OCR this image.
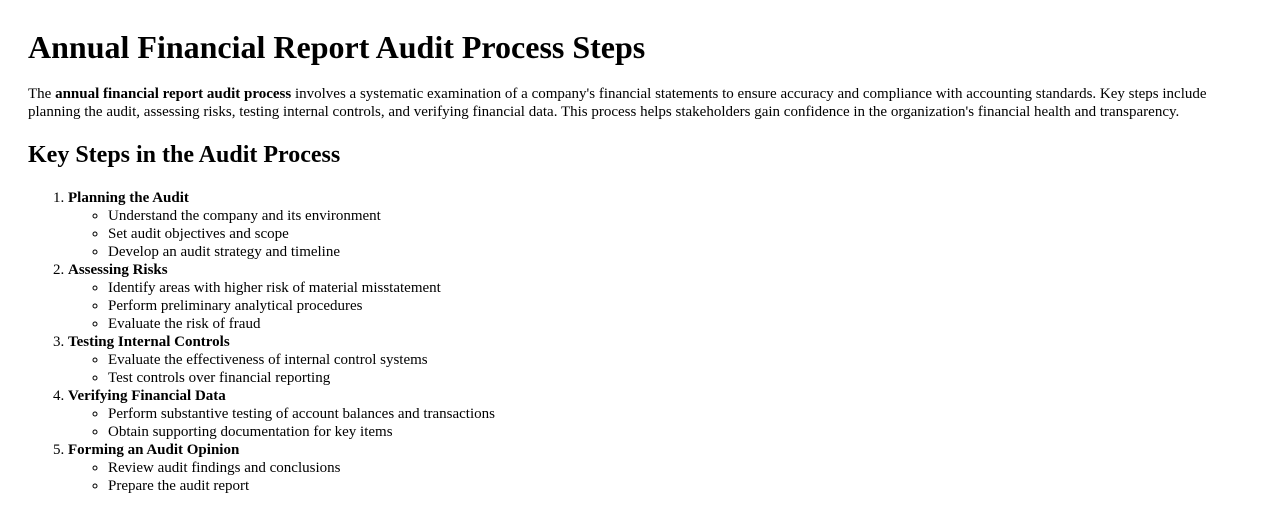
Annual Financial Report Audit Process Steps

The annual financial report audit process involves a systematic examination of a company's financial statements to ensure accuracy and compliance with accounting standards. Key steps include planning the audit, assessing risks, testing internal controls, and verifying financial data. This process helps stakeholders gain confidence in the organization's financial health and transparency.

Key Steps in the Audit Process
1. Planning the Audit
◦ Understand the company and its environment
◦ Set audit objectives and scope
◦ Develop an audit strategy and timeline
2. Assessing Risks
◦ Identify areas with higher risk of material misstatement
◦ Perform preliminary analytical procedures
◦ Evaluate the risk of fraud
3. Testing Internal Controls
◦ Evaluate the effectiveness of internal control systems
◦ Test controls over financial reporting
4. Verifying Financial Data
◦ Perform substantive testing of account balances and transactions
◦ Obtain supporting documentation for key items
5. Forming an Audit Opinion
◦ Review audit findings and conclusions
◦ Prepare the audit report
